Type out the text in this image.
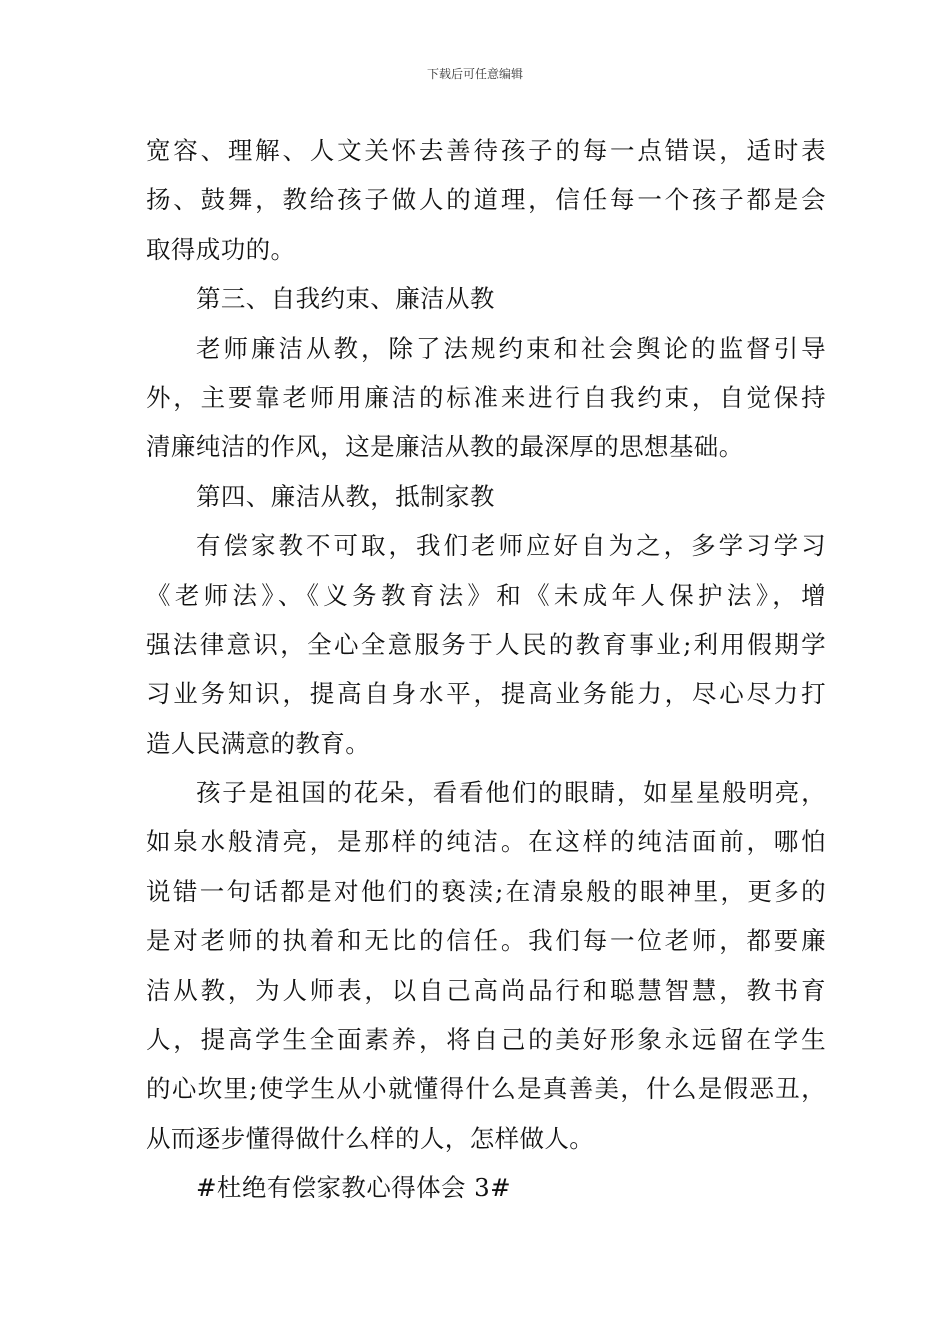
下载后可任意编辑
宽容、理解、人文关怀去善待孩子的每一点错误，适时表
扬、鼓舞，教给孩子做人的道理，信任每一个孩子都是会
取得成功的。
第三、自我约束、廉洁从教
老师廉洁从教，除了法规约束和社会舆论的监督引导
外，主要靠老师用廉洁的标准来进行自我约束，自觉保持
清廉纯洁的作风，这是廉洁从教的最深厚的思想基础。
第四、廉洁从教，抵制家教
有偿家教不可取，我们老师应好自为之，多学习学习
《老师法》、《义务教育法》和《未成年人保护法》，增
强法律意识，全心全意服务于人民的教育事业;利用假期学
习业务知识，提高自身水平，提高业务能力，尽心尽力打
造人民满意的教育。
孩子是祖国的花朵，看看他们的眼睛，如星星般明亮，
如泉水般清亮，是那样的纯洁。在这样的纯洁面前，哪怕
说错一句话都是对他们的亵渎;在清泉般的眼神里，更多的
是对老师的执着和无比的信任。我们每一位老师，都要廉
洁从教，为人师表，以自己高尚品行和聪慧智慧，教书育
人，提高学生全面素养，将自己的美好形象永远留在学生
的心坎里;使学生从小就懂得什么是真善美，什么是假恶丑，
从而逐步懂得做什么样的人，怎样做人。
#杜绝有偿家教心得体会 3#
